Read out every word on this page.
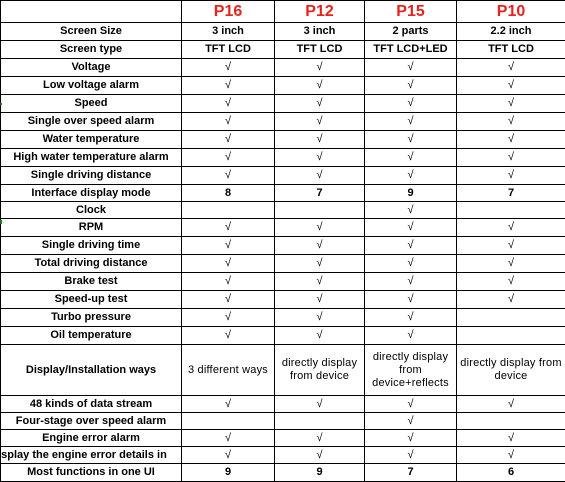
	P16	P12	P15	P10
Screen Size	3 inch	3 inch	2 parts	2.2 inch
Screen type	TFT LCD	TFT LCD	TFT LCD+LED	TFT LCD
Voltage	√	√	√	√
Low voltage alarm	√	√	√	√
Speed	√	√	√	√
Single over speed alarm	√	√	√	√
Water temperature	√	√	√	√
High water temperature alarm	√	√	√	√
Single driving distance	√	√	√	√
Interface display mode	8	7	9	7
Clock			√	
RPM	√	√	√	√
Single driving time	√	√	√	√
Total driving distance	√	√	√	√
Brake test	√	√	√	√
Speed-up test	√	√	√	√
Turbo pressure	√	√	√	
Oil temperature	√	√	√	
Display/Installation ways	3 different ways	directly display from device	directly display from device+reflects	directly display from device
48 kinds of data stream	√	√	√	√
Four-stage over speed alarm			√	
Engine error alarm	√	√	√	√
splay the engine error details in	√	√	√	√
Most functions in one UI	9	9	7	6
